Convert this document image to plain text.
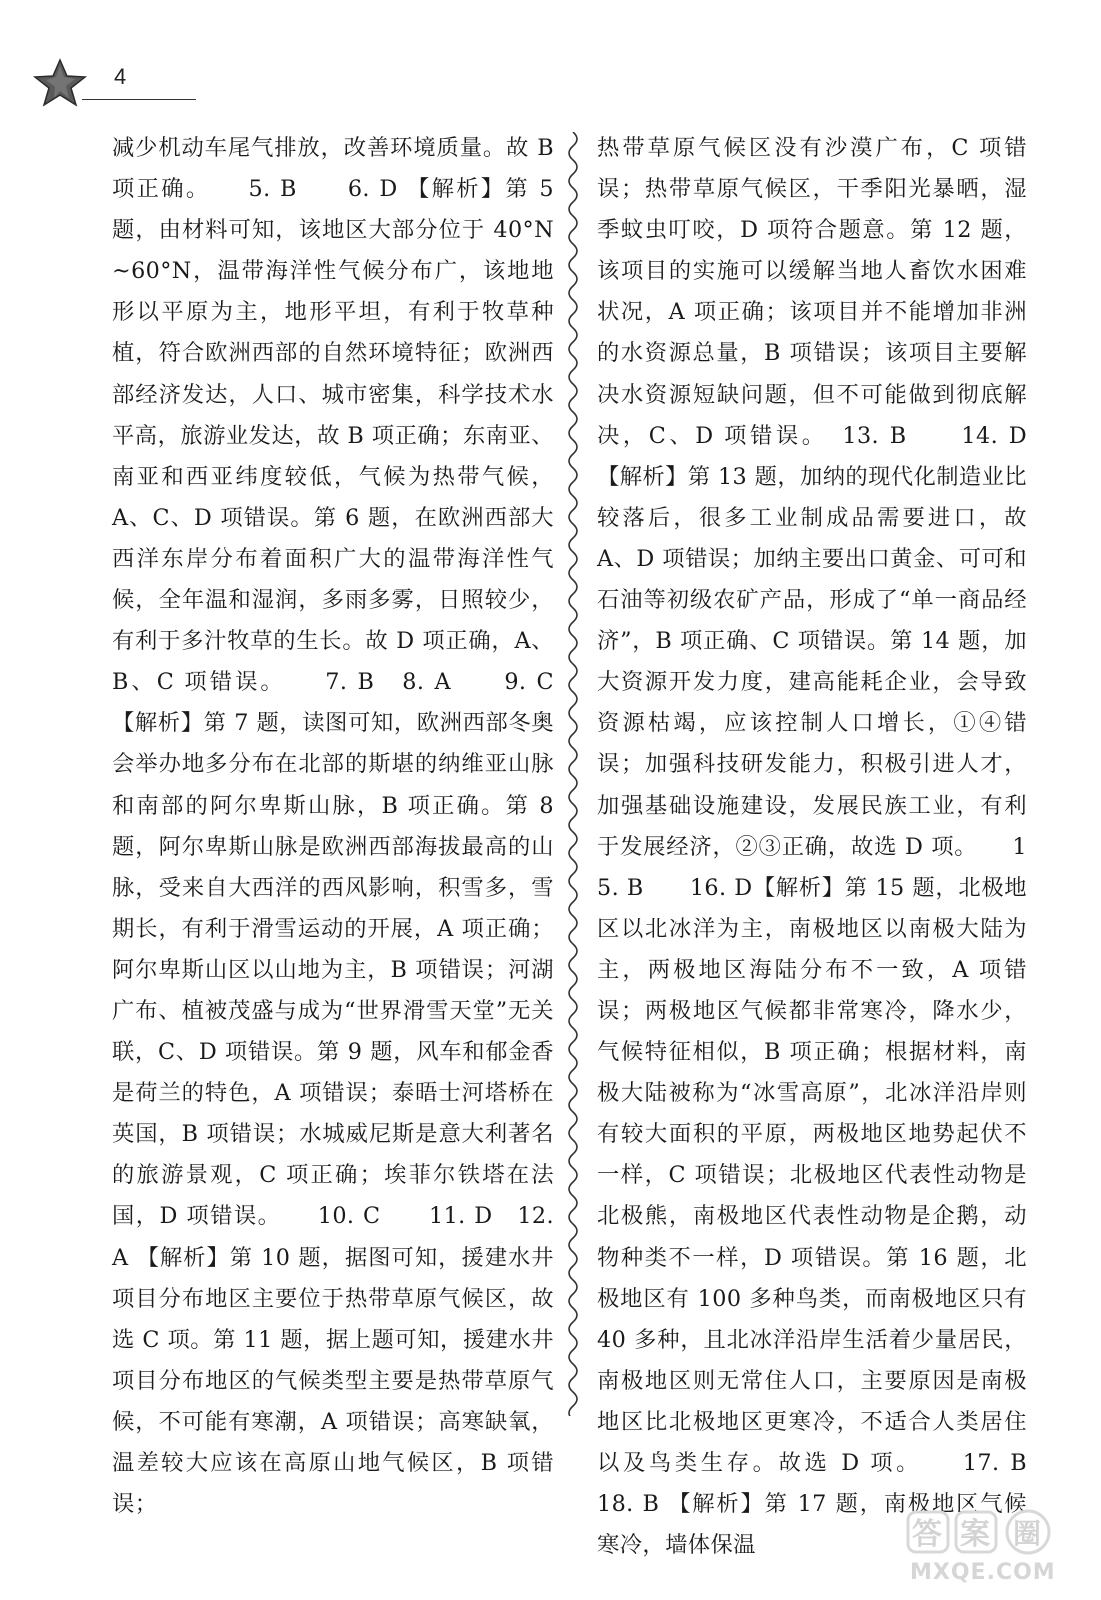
4

减少机动车尾气排放，改善环境质量。故 B 项正确。　　5. B　　6. D 【解析】第 5 题，由材料可知，该地区大部分位于 40°N~60°N，温带海洋性气候分布广，该地地形以平原为主，地形平坦，有利于牧草种植，符合欧洲西部的自然环境特征；欧洲西部经济发达，人口、城市密集，科学技术水平高，旅游业发达，故 B 项正确；东南亚、南亚和西亚纬度较低，气候为热带气候，A、C、D 项错误。第 6 题，在欧洲西部大西洋东岸分布着面积广大的温带海洋性气候，全年温和湿润，多雨多雾，日照较少，有利于多汁牧草的生长。故 D 项正确，A、B、C 项错误。　　7. B　8. A　　9. C 【解析】第 7 题，读图可知，欧洲西部冬奥会举办地多分布在北部的斯堪的纳维亚山脉和南部的阿尔卑斯山脉，B 项正确。第 8 题，阿尔卑斯山脉是欧洲西部海拔最高的山脉，受来自大西洋的西风影响，积雪多，雪期长，有利于滑雪运动的开展，A 项正确；阿尔卑斯山区以山地为主，B 项错误；河湖广布、植被茂盛与成为“世界滑雪天堂”无关联，C、D 项错误。第 9 题，风车和郁金香是荷兰的特色，A 项错误；泰晤士河塔桥在英国，B 项错误；水城威尼斯是意大利著名的旅游景观，C 项正确；埃菲尔铁塔在法国，D 项错误。　　10. C　　11. D　12. A 【解析】第 10 题，据图可知，援建水井项目分布地区主要位于热带草原气候区，故选 C 项。第 11 题，据上题可知，援建水井项目分布地区的气候类型主要是热带草原气候，不可能有寒潮，A 项错误；高寒缺氧，温差较大应该在高原山地气候区，B 项错误；

热带草原气候区没有沙漠广布，C 项错误；热带草原气候区，干季阳光暴晒，湿季蚊虫叮咬，D 项符合题意。第 12 题，该项目的实施可以缓解当地人畜饮水困难状况，A 项正确；该项目并不能增加非洲的水资源总量，B 项错误；该项目主要解决水资源短缺问题，但不可能做到彻底解决，C、D 项错误。　13. B　　14. D 【解析】第 13 题，加纳的现代化制造业比较落后，很多工业制成品需要进口，故 A、D 项错误；加纳主要出口黄金、可可和石油等初级农矿产品，形成了“单一商品经济”，B 项正确、C 项错误。第 14 题，加大资源开发力度，建高能耗企业，会导致资源枯竭，应该控制人口增长，①④错误；加强科技研发能力，积极引进人才，加强基础设施建设，发展民族工业，有利于发展经济，②③正确，故选 D 项。　　15. B　　16. D【解析】第 15 题，北极地区以北冰洋为主，南极地区以南极大陆为主，两极地区海陆分布不一致，A 项错误；两极地区气候都非常寒冷，降水少，气候特征相似，B 项正确；根据材料，南极大陆被称为“冰雪高原”，北冰洋沿岸则有较大面积的平原，两极地区地势起伏不一样，C 项错误；北极地区代表性动物是北极熊，南极地区代表性动物是企鹅，动物种类不一样，D 项错误。第 16 题，北极地区有 100 多种鸟类，而南极地区只有 40 多种，且北冰洋沿岸生活着少量居民，南极地区则无常住人口，主要原因是南极地区比北极地区更寒冷，不适合人类居住以及鸟类生存。故选 D 项。　　17. B　　18. B 【解析】第 17 题，南极地区气候寒冷，墙体保温	答 案 圈
MXQE.COM
